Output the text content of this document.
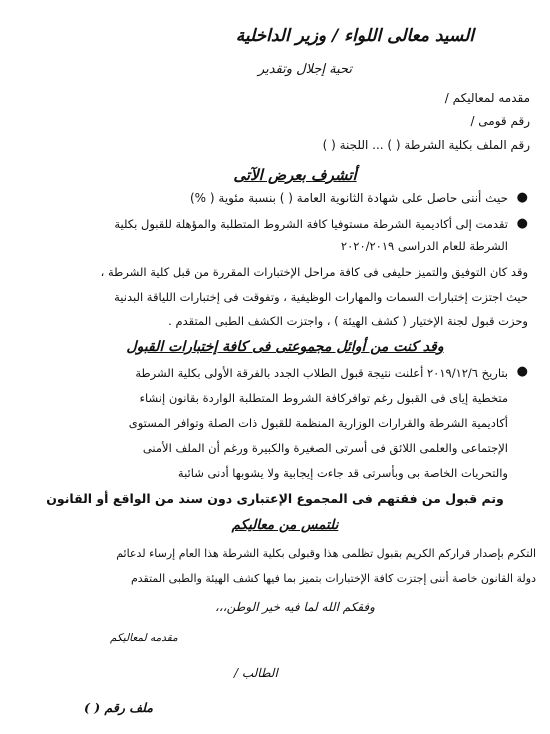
السيد معالى اللواء / وزير الداخلية
تحية إجلال وتقدير
مقدمه لمعاليكم /
رقم قومى /
رقم الملف بكلية الشرطة ( ) ... اللجنة ( )
أتشرف بعرض الآتى
●
حيث أننى حاصل على شهادة الثانوية العامة ( ) بنسبة مئوية ( %)
●
تقدمت إلى أكاديمية الشرطة مستوفيا كافة الشروط المتطلبة والمؤهلة للقبول بكلية
الشرطة للعام الدراسى ٢٠٢٠/٢٠١٩
وقد كان التوفيق والتميز حليفى فى كافة مراحل الإختبارات المقررة من قبل كلية الشرطة ،
حيث اجتزت إختبارات السمات والمهارات الوظيفية ، وتفوقت فى إختبارات اللياقة البدنية
وحزت قبول لجنة الإختيار ( كشف الهيئة ) ، واجتزت الكشف الطبى المتقدم .
وقد كنت من أوائل مجموعتى فى كافة إختبارات القبول
●
بتاريخ ٢٠١٩/١٢/٦ أعلنت نتيجة قبول الطلاب الجدد بالفرقة الأولى بكلية الشرطة
متخطية إياى فى القبول رغم توافركافة الشروط المتطلبة الواردة بقانون إنشاء
أكاديمية الشرطة والقرارات الوزارية المنظمة للقبول ذات الصلة وتوافر المستوى
الإجتماعى والعلمى اللائق فى أسرتى الصغيرة والكبيرة ورغم أن الملف الأمنى
والتحريات الخاصة بى وبأسرتى قد جاءت إيجابية ولا يشوبها أدنى شائبة
وتم قبول من فقتهم فى المجموع الإعتبارى دون سند من الواقع أو القانون
نلتمس من معاليكم
التكرم بإصدار قراركم الكريم بقبول تظلمى هذا وقبولى بكلية الشرطة هذا العام إرساء لدعائم
دولة القانون خاصة أننى إجتزت كافة الإختبارات بتميز بما فيها كشف الهيئة والطبى المتقدم
وفقكم الله لما فيه خير الوطن،،،
مقدمه لمعاليكم
الطالب /
ملف رقم ( )
